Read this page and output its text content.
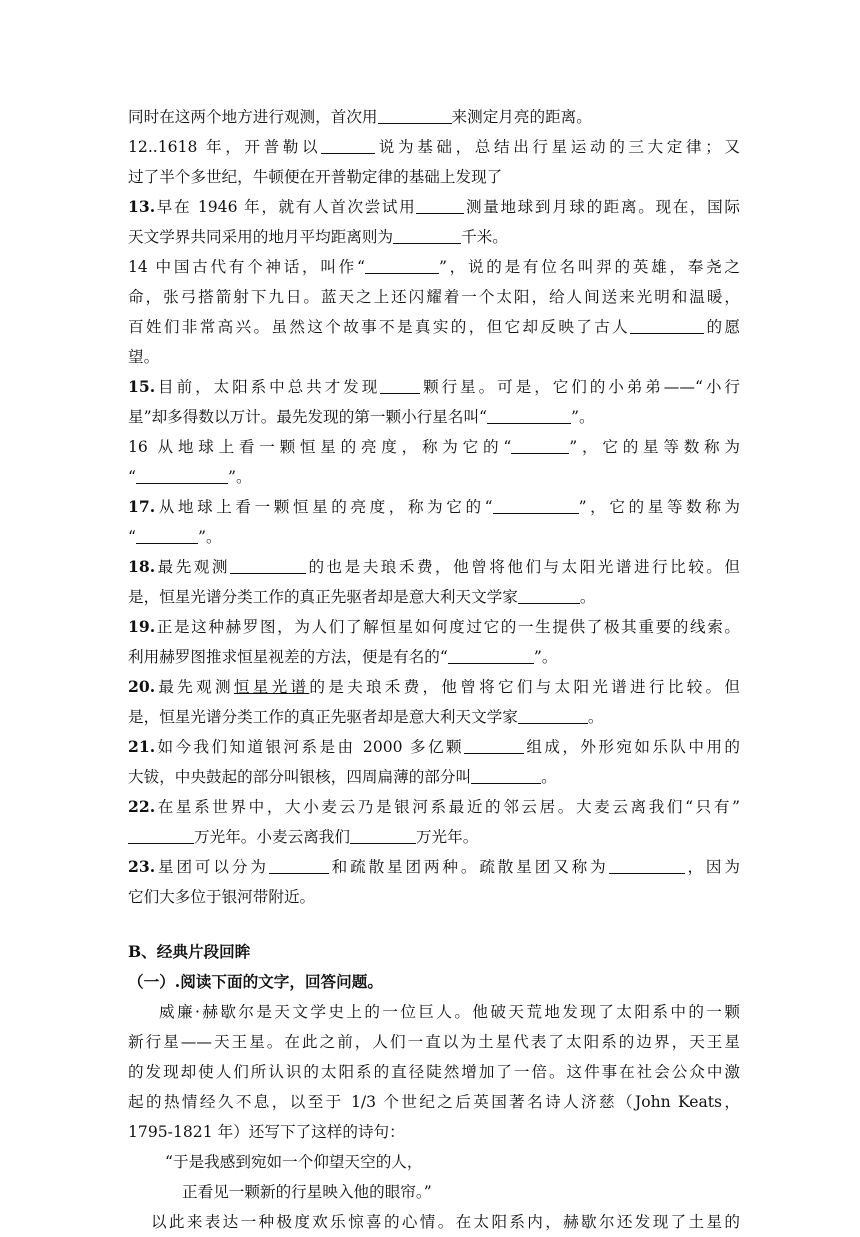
同时在这两个地方进行观测，首次用	来测定月亮的距离。
12..1618 年，开普勒以	说为基础，总结出行星运动的三大定律；又
过了半个多世纪，牛顿便在开普勒定律的基础上发现了
13.早在 1946 年，就有人首次尝试用	测量地球到月球的距离。现在，国际
天文学界共同采用的地月平均距离则为	千米。
14 中国古代有个神话，叫作“	”，说的是有位名叫羿的英雄，奉尧之
命，张弓搭箭射下九日。蓝天之上还闪耀着一个太阳，给人间送来光明和温暖，
百姓们非常高兴。虽然这个故事不是真实的，但它却反映了古人	的愿
望。
15.目前，太阳系中总共才发现	颗行星。可是，它们的小弟弟——“小行
星”却多得数以万计。最先发现的第一颗小行星名叫“	”。
16 从地球上看一颗恒星的亮度，称为它的“	”，它的星等数称为
“	”。
17.从地球上看一颗恒星的亮度，称为它的“	”，它的星等数称为
“	”。
18.最先观测	的也是夫琅禾费，他曾将他们与太阳光谱进行比较。但
是，恒星光谱分类工作的真正先驱者却是意大利天文学家	。
19.正是这种赫罗图，为人们了解恒星如何度过它的一生提供了极其重要的线索。
利用赫罗图推求恒星视差的方法，便是有名的“	”。
20.最先观测恒星光谱的是夫琅禾费，他曾将它们与太阳光谱进行比较。但
是，恒星光谱分类工作的真正先驱者却是意大利天文学家	。
21.如今我们知道银河系是由 2000 多亿颗	组成，外形宛如乐队中用的
大钹，中央鼓起的部分叫银核，四周扁薄的部分叫	。
22.在星系世界中，大小麦云乃是银河系最近的邻云居。大麦云离我们“只有”
万光年。小麦云离我们	万光年。
23.星团可以分为	和疏散星团两种。疏散星团又称为	，因为
它们大多位于银河带附近。
B、经典片段回眸
（一）.阅读下面的文字，回答问题。
威廉·赫歇尔是天文学史上的一位巨人。他破天荒地发现了太阳系中的一颗
新行星——天王星。在此之前，人们一直以为土星代表了太阳系的边界，天王星
的发现却使人们所认识的太阳系的直径陡然增加了一倍。这件事在社会公众中激
起的热情经久不息，以至于 1/3 个世纪之后英国著名诗人济慈（John Keats，
1795-1821 年）还写下了这样的诗句：
“于是我感到宛如一个仰望天空的人，
正看见一颗新的行星映入他的眼帘。”
以此来表达一种极度欢乐惊喜的心情。在太阳系内，赫歇尔还发现了土星的
